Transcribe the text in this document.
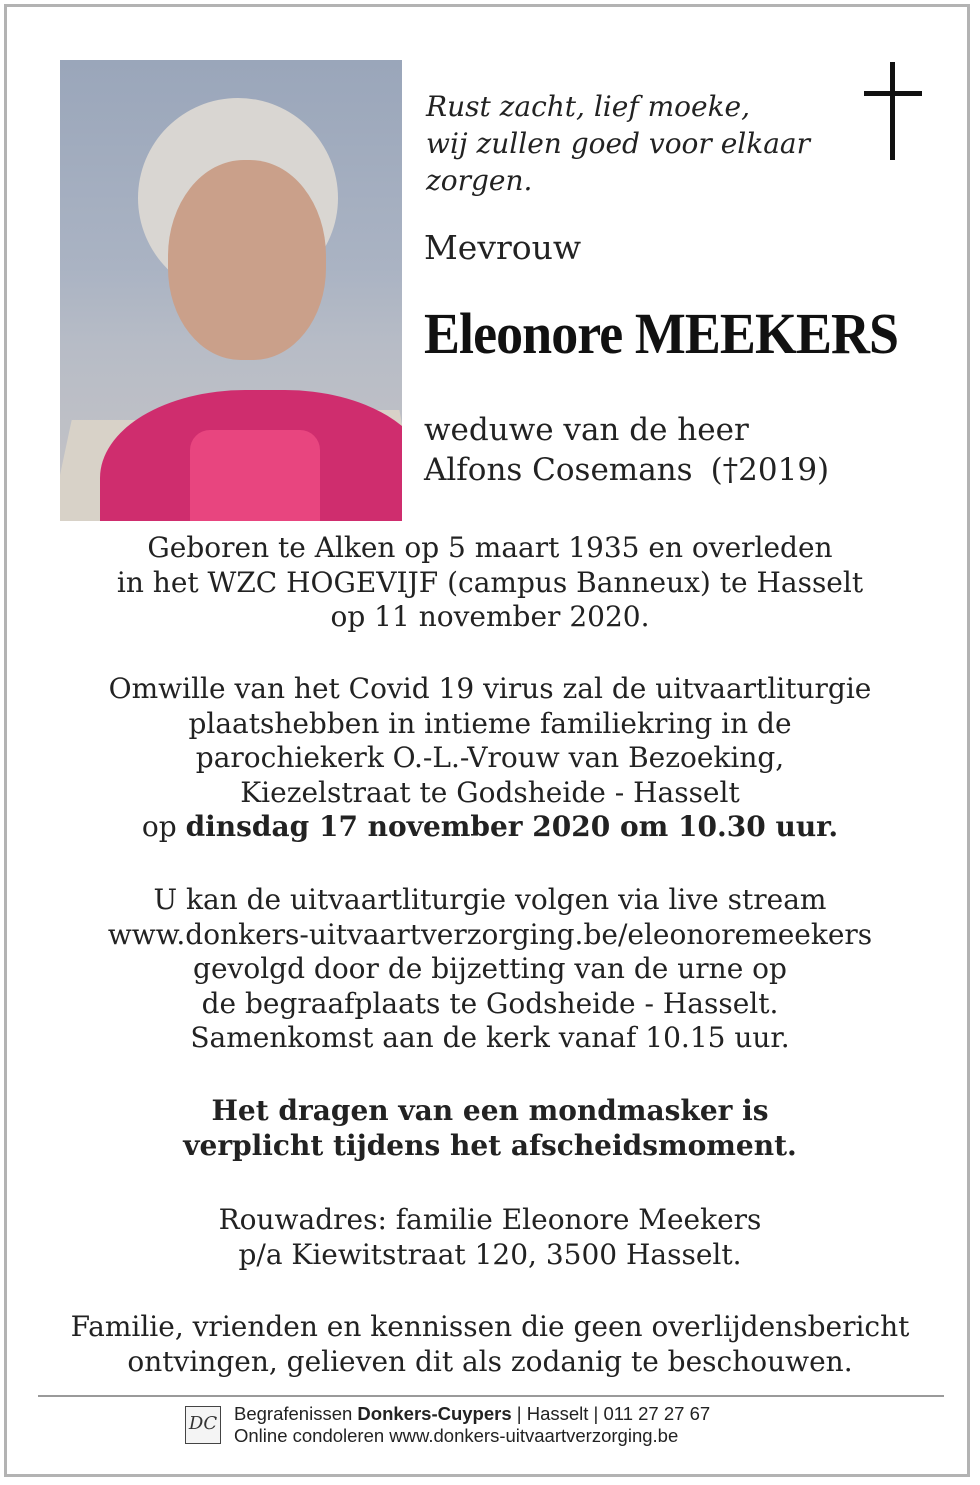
Rust zacht, lief moeke,
wij zullen goed voor elkaar
zorgen.
Mevrouw
Eleonore MEEKERS
weduwe van de heer
Alfons Cosemans (†2019)

Geboren te Alken op 5 maart 1935 en overleden

in het WZC HOGEVIJF (campus Banneux) te Hasselt

op 11 november 2020.

Omwille van het Covid 19 virus zal de uitvaartliturgie

plaatshebben in intieme familiekring in de

parochiekerk O.-L.-Vrouw van Bezoeking,

Kiezelstraat te Godsheide - Hasselt

op dinsdag 17 november 2020 om 10.30 uur.

U kan de uitvaartliturgie volgen via live stream

www.donkers-uitvaartverzorging.be/eleonoremeekers

gevolgd door de bijzetting van de urne op

de begraafplaats te Godsheide - Hasselt.

Samenkomst aan de kerk vanaf 10.15 uur.

Het dragen van een mondmasker is

verplicht tijdens het afscheidsmoment.

Rouwadres: familie Eleonore Meekers

p/a Kiewitstraat 120, 3500 Hasselt.

Familie, vrienden en kennissen die geen overlijdensbericht

ontvingen, gelieven dit als zodanig te beschouwen.

DC Begrafenissen Donkers-Cuypers | Hasselt | 011 27 27 67
Online condoleren www.donkers-uitvaartverzorging.be
